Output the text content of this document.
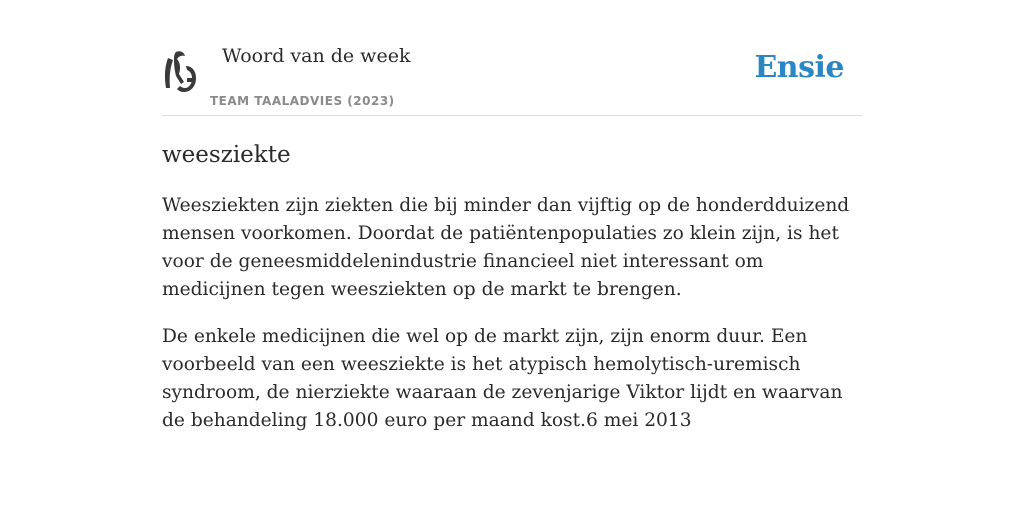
Woord van de week
TEAM TAALADVIES (2023)
Ensie
weesziekte

Weesziekten zijn ziekten die bij minder dan vijftig op de honderdduizend mensen voorkomen. Doordat de patiëntenpopulaties zo klein zijn, is het voor de geneesmiddelenindustrie financieel niet interessant om medicijnen tegen weesziekten op de markt te brengen.

De enkele medicijnen die wel op de markt zijn, zijn enorm duur. Een voorbeeld van een weesziekte is het atypisch hemolytisch-uremisch syndroom, de nierziekte waaraan de zevenjarige Viktor lijdt en waarvan de behandeling 18.000 euro per maand kost.6 mei 2013
